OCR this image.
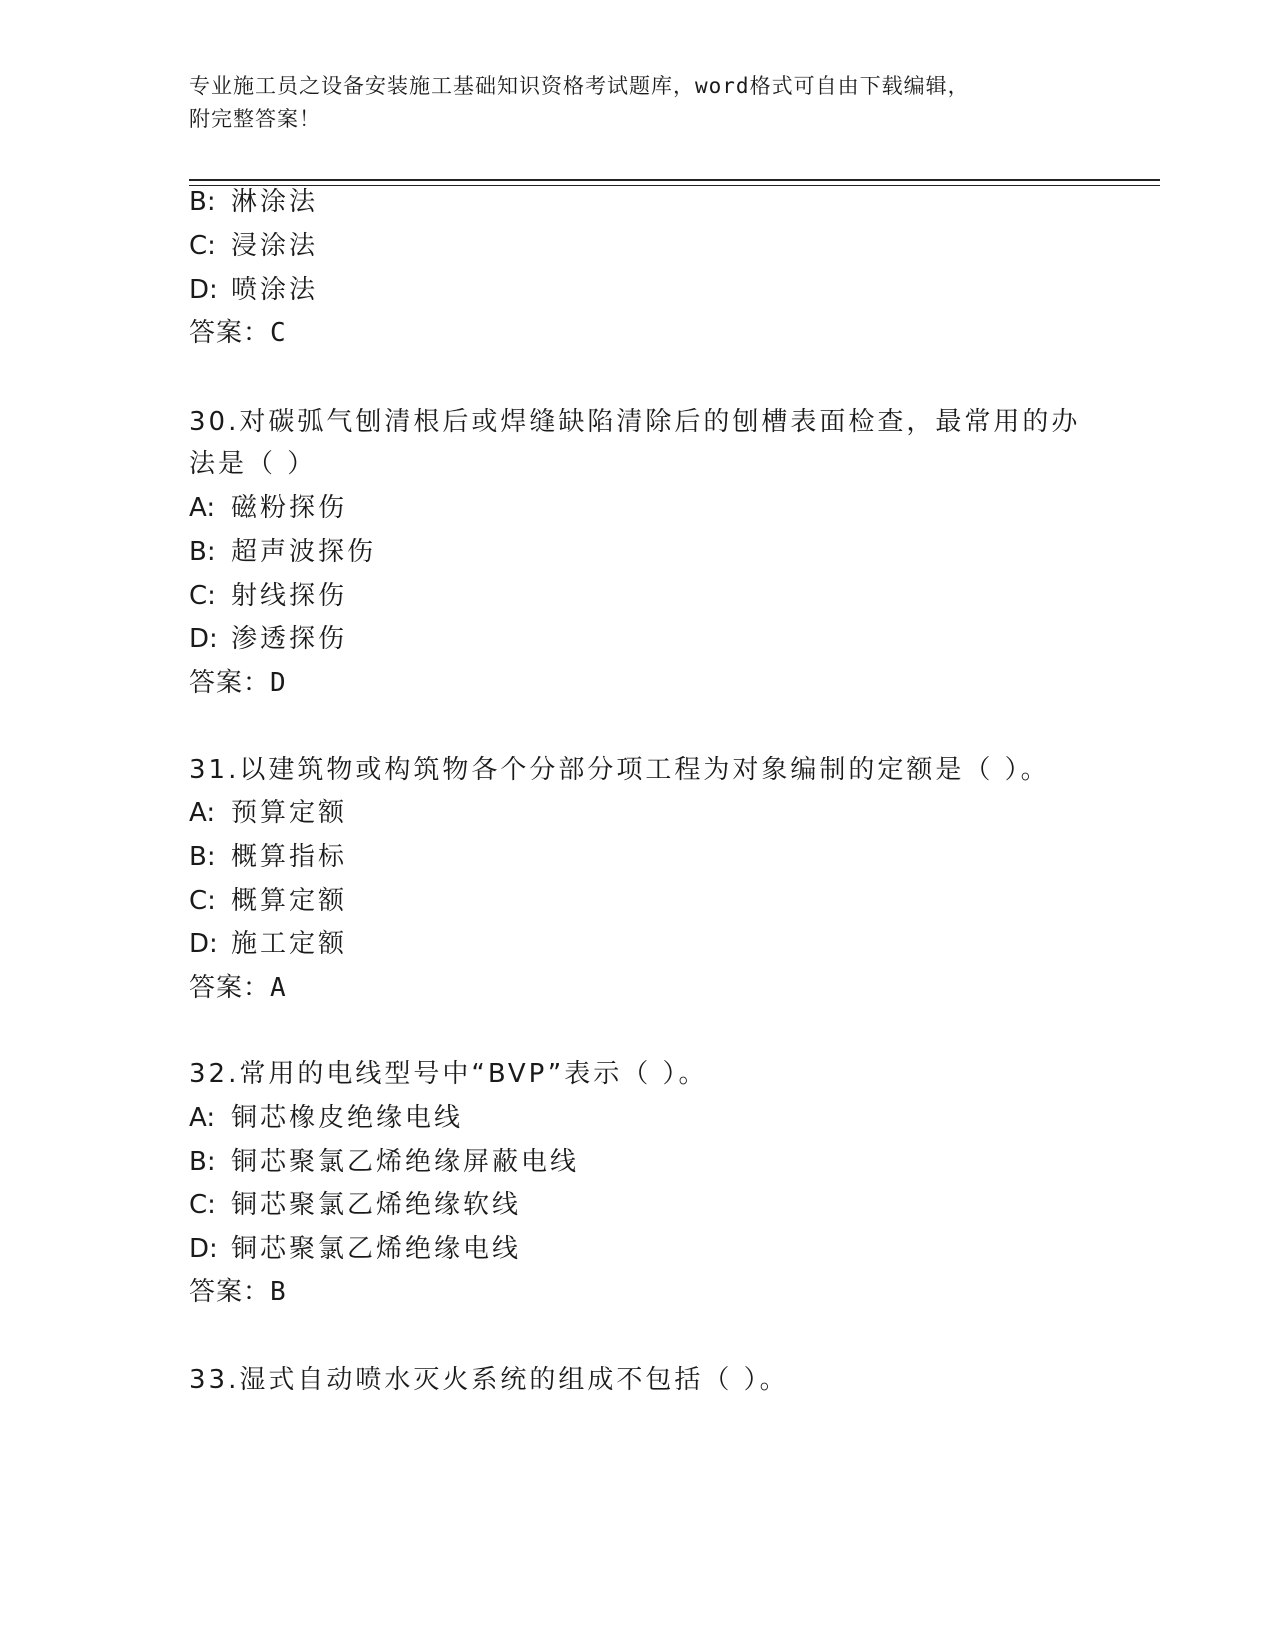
专业施工员之设备安装施工基础知识资格考试题库，word格式可自由下载编辑，
附完整答案！
B: 淋涂法
C: 浸涂法
D: 喷涂法
答案：C
30.对碳弧气刨清根后或焊缝缺陷清除后的刨槽表面检查，最常用的办
法是（ ）
A: 磁粉探伤
B: 超声波探伤
C: 射线探伤
D: 渗透探伤
答案：D
31.以建筑物或构筑物各个分部分项工程为对象编制的定额是（ ）。
A: 预算定额
B: 概算指标
C: 概算定额
D: 施工定额
答案：A
32.常用的电线型号中“BVP”表示（ ）。
A: 铜芯橡皮绝缘电线
B: 铜芯聚氯乙烯绝缘屏蔽电线
C: 铜芯聚氯乙烯绝缘软线
D: 铜芯聚氯乙烯绝缘电线
答案：B
33.湿式自动喷水灭火系统的组成不包括（ ）。
